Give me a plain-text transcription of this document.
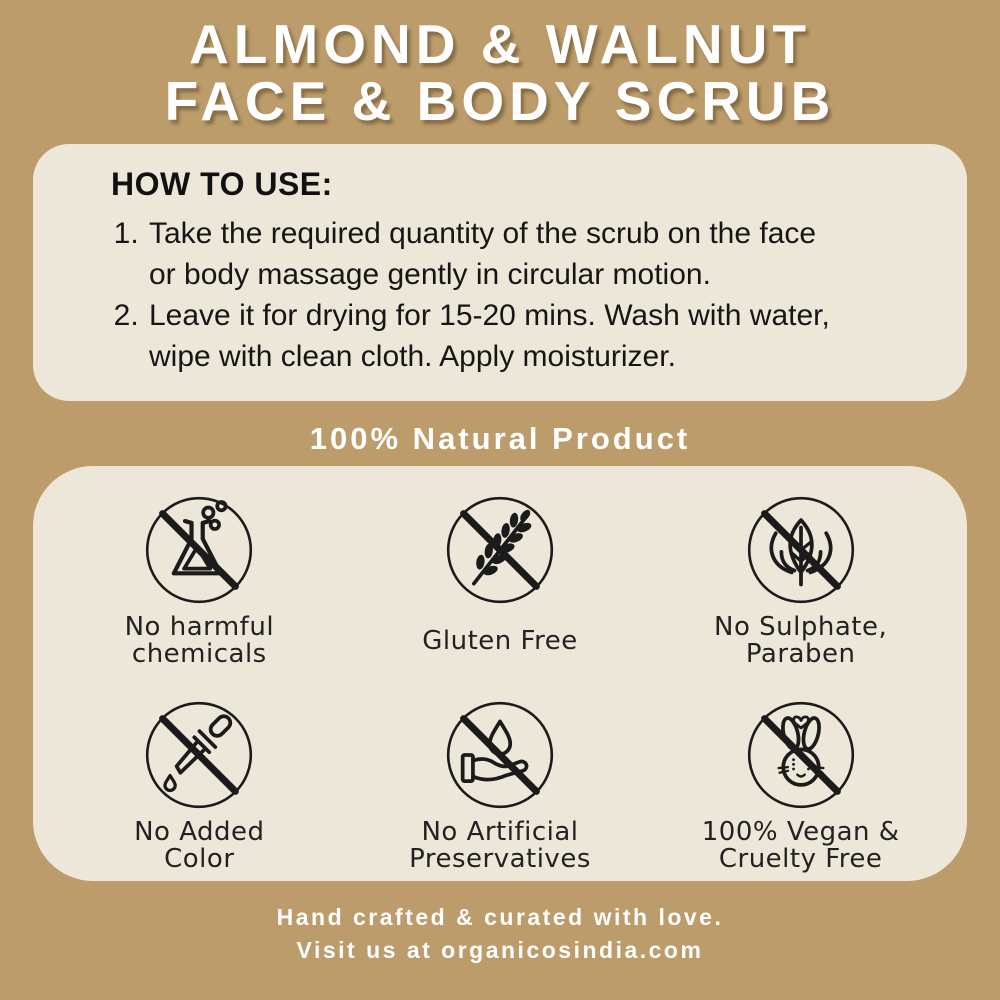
ALMOND & WALNUT
FACE & BODY SCRUB
HOW TO USE:
1. Take the required quantity of the scrub on the face or body massage gently in circular motion.
2. Leave it for drying for 15-20 mins. Wash with water, wipe with clean cloth. Apply moisturizer.
100% Natural Product
No harmful
chemicals	Gluten Free	No Sulphate,
Paraben
No Added
Color
No Artificial
Preservatives
100% Vegan &
Cruelty Free
Hand crafted & curated with love.
Visit us at organicosindia.com
